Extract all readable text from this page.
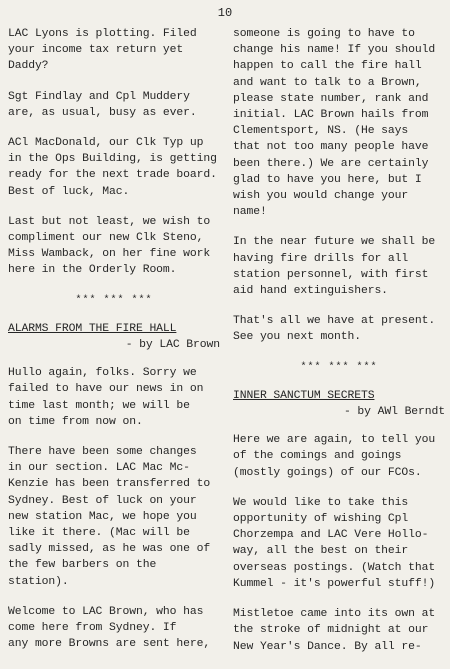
10

LAC Lyons is plotting. Filed
your income tax return yet
Daddy?

Sgt Findlay and Cpl Muddery
are, as usual, busy as ever.

ACl MacDonald, our Clk Typ up
in the Ops Building, is getting
ready for the next trade board.
Best of luck, Mac.

Last but not least, we wish to
compliment our new Clk Steno,
Miss Wamback, on her fine work
here in the Orderly Room.

*** *** ***
ALARMS FROM THE FIRE HALL
- by LAC Brown

Hullo again, folks. Sorry we
failed to have our news in on
time last month; we will be
on time from now on.

There have been some changes
in our section. LAC Mac Mc-
Kenzie has been transferred to
Sydney. Best of luck on your
new station Mac, we hope you
like it there. (Mac will be
sadly missed, as he was one of
the few barbers on the station).

Welcome to LAC Brown, who has
come here from Sydney. If
any more Browns are sent here,

someone is going to have to
change his name! If you should
happen to call the fire hall
and want to talk to a Brown,
please state number, rank and
initial. LAC Brown hails from
Clementsport, NS. (He says
that not too many people have
been there.) We are certainly
glad to have you here, but I
wish you would change your
name!

In the near future we shall be
having fire drills for all
station personnel, with first
aid hand extinguishers.

That's all we have at present.
See you next month.

*** *** ***
INNER SANCTUM SECRETS
- by AWl Berndt

Here we are again, to tell you
of the comings and goings
(mostly goings) of our FCOs.

We would like to take this
opportunity of wishing Cpl
Chorzempa and LAC Vere Hollo-
way, all the best on their
overseas postings. (Watch that
Kummel - it's powerful stuff!)

Mistletoe came into its own at
the stroke of midnight at our
New Year's Dance. By all re-
